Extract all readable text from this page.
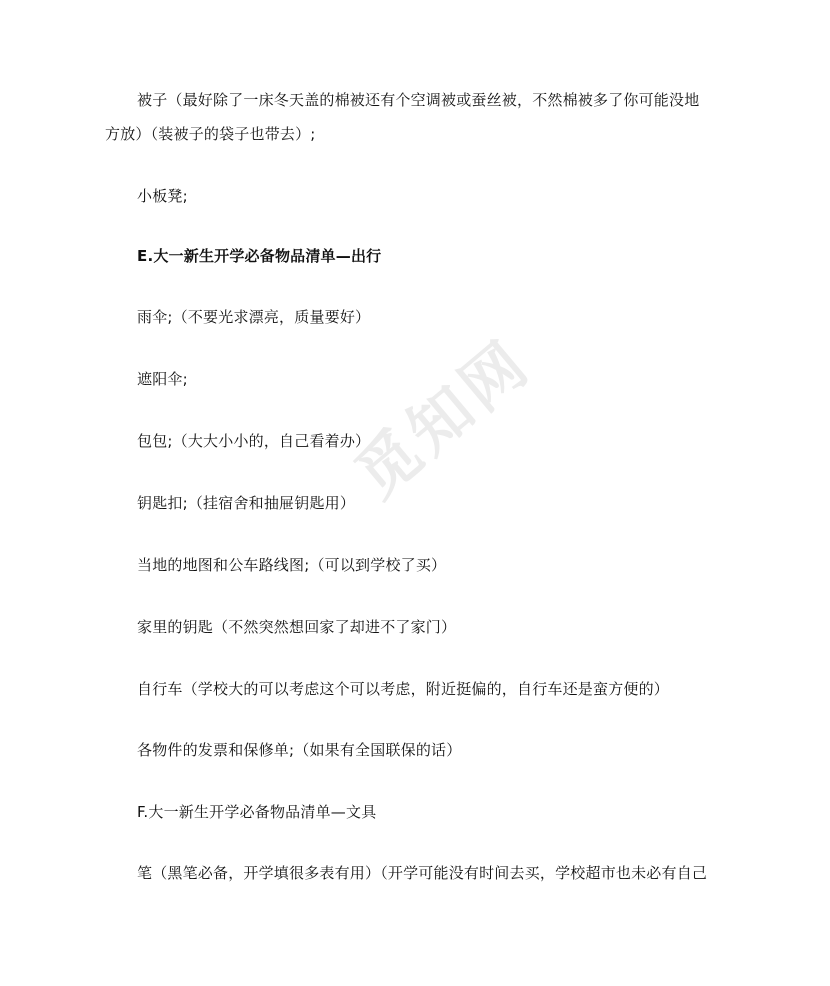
觅知网
被子（最好除了一床冬天盖的棉被还有个空调被或蚕丝被，不然棉被多了你可能没地
方放）（装被子的袋子也带去）;
小板凳;
E.大一新生开学必备物品清单—出行
雨伞;（不要光求漂亮，质量要好）
遮阳伞;
包包;（大大小小的，自己看着办）
钥匙扣;（挂宿舍和抽屉钥匙用）
当地的地图和公车路线图;（可以到学校了买）
家里的钥匙（不然突然想回家了却进不了家门）
自行车（学校大的可以考虑这个可以考虑，附近挺偏的，自行车还是蛮方便的）
各物件的发票和保修单;（如果有全国联保的话）
F.大一新生开学必备物品清单—文具
笔（黑笔必备，开学填很多表有用）（开学可能没有时间去买，学校超市也未必有自己
